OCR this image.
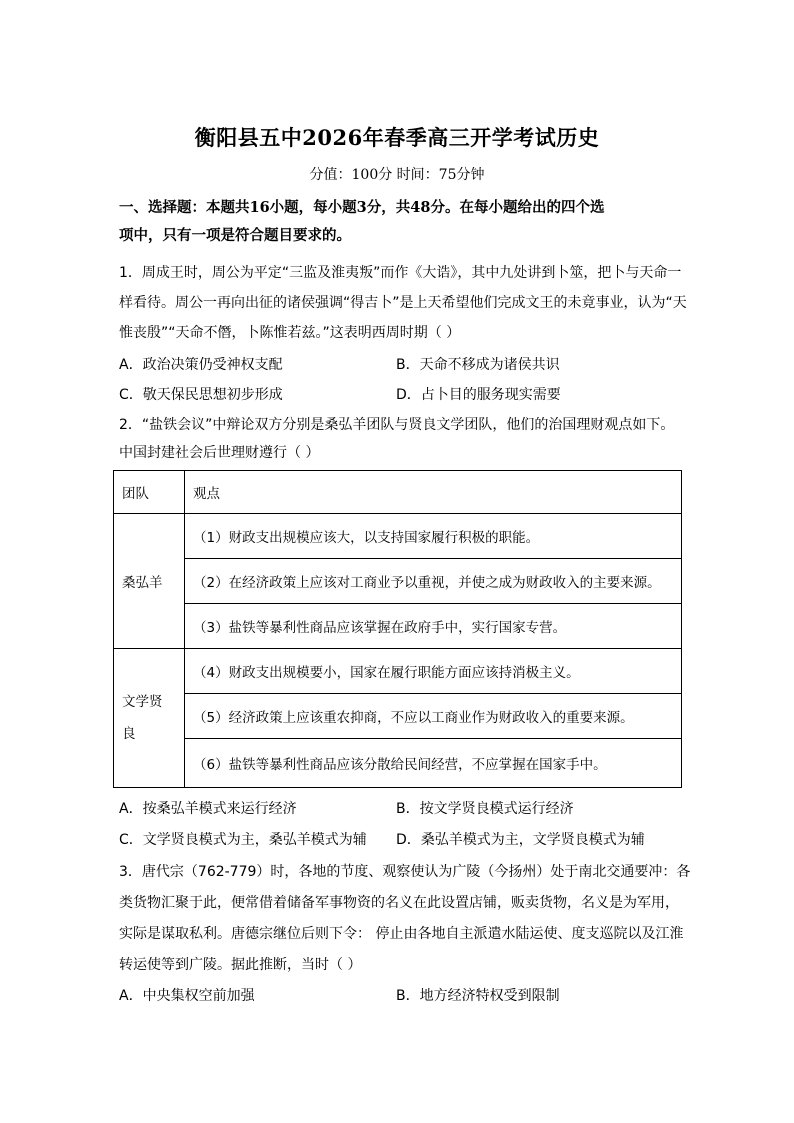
衡阳县五中2026年春季高三开学考试历史
分值：100分 时间：75分钟
一、选择题：本题共16小题，每小题3分，共48分。在每小题给出的四个选
项中，只有一项是符合题目要求的。
1．周成王时，周公为平定“三监及淮夷叛”而作《大诰》，其中九处讲到卜筮，把卜与天命一
样看待。周公一再向出征的诸侯强调“得吉卜”是上天希望他们完成文王的未竟事业，认为“天
惟丧殷”“天命不僭，卜陈惟若兹。”这表明西周时期（ ）
A．政治决策仍受神权支配	B．天命不移成为诸侯共识
C．敬天保民思想初步形成	D．占卜目的服务现实需要
2．“盐铁会议”中辩论双方分别是桑弘羊团队与贤良文学团队，他们的治国理财观点如下。
中国封建社会后世理财遵行（ ）
团队	观点
桑弘羊	（1）财政支出规模应该大，以支持国家履行积极的职能。
	（2）在经济政策上应该对工商业予以重视，并使之成为财政收入的主要来源。
	（3）盐铁等暴利性商品应该掌握在政府手中，实行国家专营。
文学贤
良	（4）财政支出规模要小，国家在履行职能方面应该持消极主义。
	（5）经济政策上应该重农抑商，不应以工商业作为财政收入的重要来源。
	（6）盐铁等暴利性商品应该分散给民间经营，不应掌握在国家手中。
A．按桑弘羊模式来运行经济	B．按文学贤良模式运行经济
C．文学贤良模式为主，桑弘羊模式为辅 D．桑弘羊模式为主，文学贤良模式为辅
3．唐代宗（762-779）时，各地的节度、观察使认为广陵（今扬州）处于南北交通要冲：各
类货物汇聚于此，便常借着储备军事物资的名义在此设置店铺，贩卖货物，名义是为军用，
实际是谋取私利。唐德宗继位后则下令： 停止由各地自主派遣水陆运使、度支巡院以及江淮
转运使等到广陵。据此推断，当时（ ）
A．中央集权空前加强	B．地方经济特权受到限制
